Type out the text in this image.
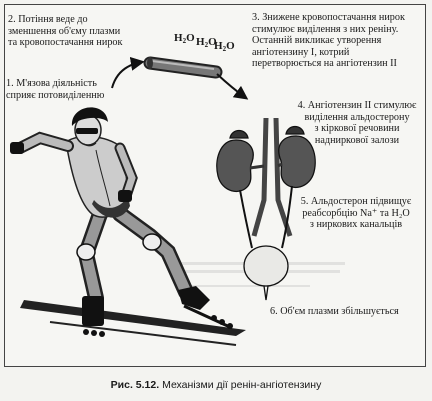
$H_2O$ $H_2O$
$H_2O$
1. М'язова діяльність
сприяє потовиділенню
2. Потіння веде до
зменшення об'єму плазми
та кровопостачання нирок
3. Знижене кровопостачання нирок
стимулює виділення з них реніну.
Останній викликає утворення
ангіотензину І, котрий
перетворюється на ангіотензин ІІ
4. Ангіотензин ІІ стимулює
виділення альдостерону
з кіркової речовини
надниркової залози
5. Альдостерон підвищує
реабсорбцію Na⁺ та H₂O
з ниркових канальців
6. Об'єм плазми збільшується
Рис. 5.12. Механізми дії ренін-ангіотензину
